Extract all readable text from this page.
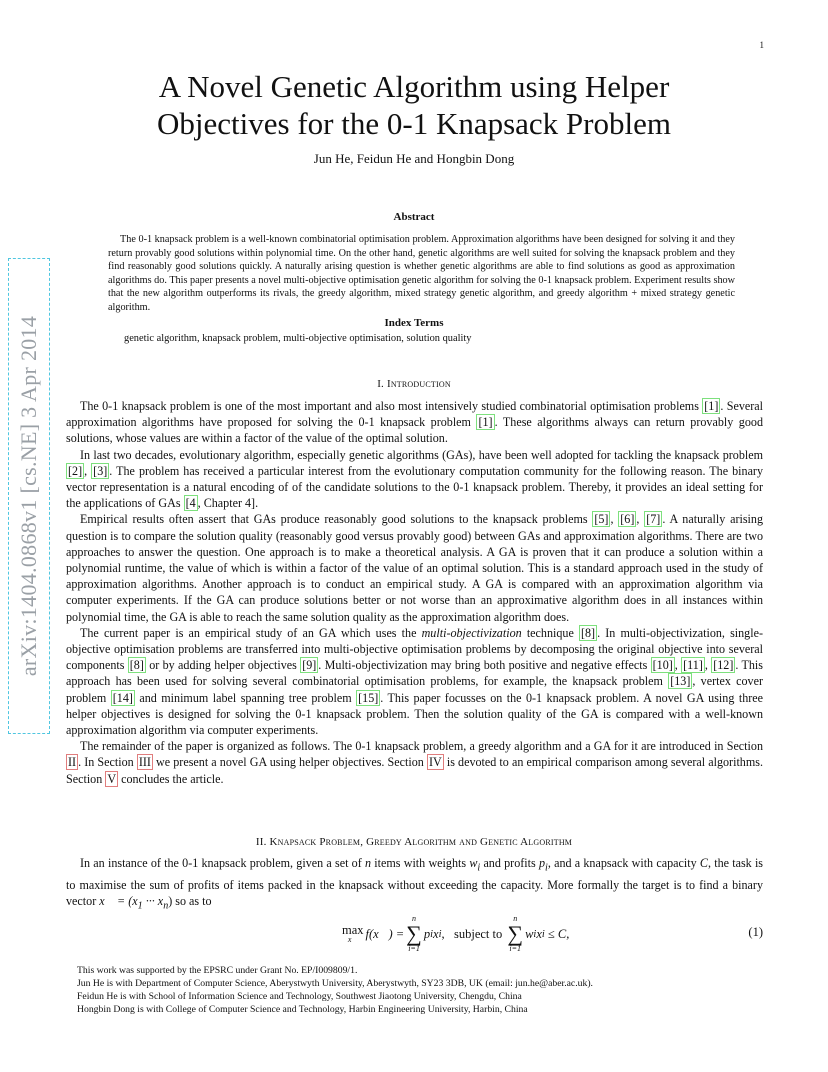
1
arXiv:1404.0868v1 [cs.NE] 3 Apr 2014
A Novel Genetic Algorithm using Helper
Objectives for the 0-1 Knapsack Problem
Jun He, Feidun He and Hongbin Dong
Abstract

The 0-1 knapsack problem is a well-known combinatorial optimisation problem. Approximation algorithms have been designed for solving it and they return provably good solutions within polynomial time. On the other hand, genetic algorithms are well suited for solving the knapsack problem and they find reasonably good solutions quickly. A naturally arising question is whether genetic algorithms are able to find solutions as good as approximation algorithms do. This paper presents a novel multi-objective optimisation genetic algorithm for solving the 0-1 knapsack problem. Experiment results show that the new algorithm outperforms its rivals, the greedy algorithm, mixed strategy genetic algorithm, and greedy algorithm + mixed strategy genetic algorithm.

Index Terms
genetic algorithm, knapsack problem, multi-objective optimisation, solution quality
I. Introduction

The 0-1 knapsack problem is one of the most important and also most intensively studied combinatorial optimisation problems [1] . Several approximation algorithms have proposed for solving the 0-1 knapsack problem [1] . These algorithms always can return provably good solutions, whose values are within a factor of the value of the optimal solution.

In last two decades, evolutionary algorithm, especially genetic algorithms (GAs), have been well adopted for tackling the knapsack problem [2] , [3] . The problem has received a particular interest from the evolutionary computation community for the following reason. The binary vector representation is a natural encoding of of the candidate solutions to the 0-1 knapsack problem. Thereby, it provides an ideal setting for the applications of GAs [4 , Chapter 4].

Empirical results often assert that GAs produce reasonably good solutions to the knapsack problems [5] , [6] , [7] . A naturally arising question is to compare the solution quality (reasonably good versus provably good) between GAs and approximation algorithms. There are two approaches to answer the question. One approach is to make a theoretical analysis. A GA is proven that it can produce a solution within a polynomial runtime, the value of which is within a factor of the value of an optimal solution. This is a standard approach used in the study of approximation algorithms. Another approach is to conduct an empirical study. A GA is compared with an approximation algorithm via computer experiments. If the GA can produce solutions better or not worse than an approximative algorithm does in all instances within polynomial time, the GA is able to reach the same solution quality as the approximation algorithm does.

The current paper is an empirical study of an GA which uses the multi-objectivization technique [8] . In multi-objectivization, single-objective optimisation problems are transferred into multi-objective optimisation problems by decomposing the original objective into several components [8] or by adding helper objectives [9] . Multi-objectivization may bring both positive and negative effects [10] , [11] , [12] . This approach has been used for solving several combinatorial optimisation problems, for example, the knapsack problem [13] , vertex cover problem [14] and minimum label spanning tree problem [15] . This paper focusses on the 0-1 knapsack problem. A novel GA using three helper objectives is designed for solving the 0-1 knapsack problem. Then the solution quality of the GA is compared with a well-known approximation algorithm via computer experiments.

The remainder of the paper is organized as follows. The 0-1 knapsack problem, a greedy algorithm and a GA for it are introduced in Section II . In Section III we present a novel GA using helper objectives. Section IV is devoted to an empirical comparison among several algorithms. Section V concludes the article.

II. Knapsack Problem, Greedy Algorithm and Genetic Algorithm

In an instance of the 0-1 knapsack problem, given a set of n items with weights $w_i$ and profits $p_i$, and a knapsack with capacity C, the task is to maximise the sum of profits of items packed in the knapsack without exceeding the capacity. More formally the target is to find a binary vector x⃗ = ($x_1$ ··· $x_n$) so as to

max
x⃗ f(x⃗) =
n
∑
i=1
p i x i ,   subject to
n
∑
i=1
w i x i ≤ C,	(1)
This work was supported by the EPSRC under Grant No. EP/I009809/1.
Jun He is with Department of Computer Science, Aberystwyth University, Aberystwyth, SY23 3DB, UK (email: jun.he@aber.ac.uk).
Feidun He is with School of Information Science and Technology, Southwest Jiaotong University, Chengdu, China
Hongbin Dong is with College of Computer Science and Technology, Harbin Engineering University, Harbin, China
